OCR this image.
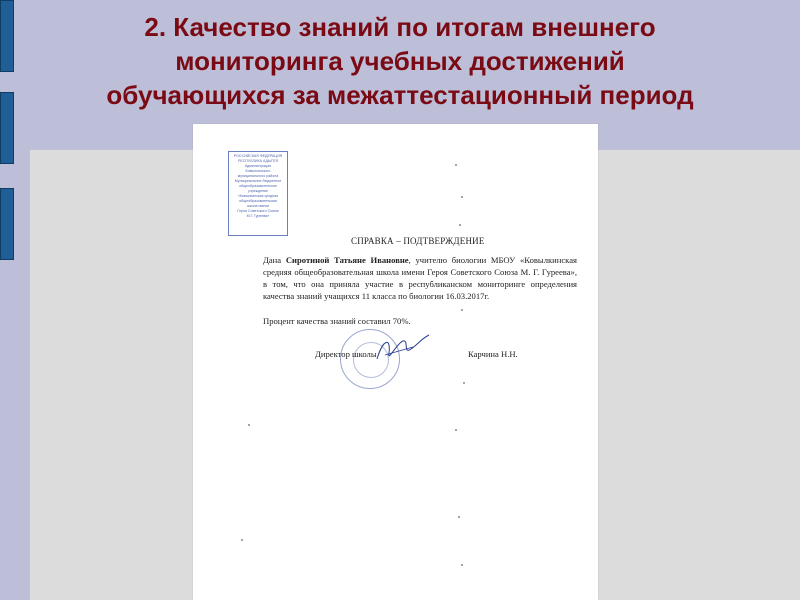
2. Качество знаний по итогам внешнего
мониторинга учебных достижений
обучающихся за межаттестационный период
РОССИЙСКАЯ ФЕДЕРАЦИЯ
РЕСПУБЛИКА АДЫГЕЯ
Администрация
Ковылкинского
муниципального района
Муниципальное бюджетное
общеобразовательное
учреждение
«Ковылкинская средняя
общеобразовательная
школа имени
Героя Советского Союза
М.Г. Гуреева»
СПРАВКА – ПОДТВЕРЖДЕНИЕ
Дана Сиротиной Татьяне Ивановне, учителю биологии МБОУ «Ковылкинская средняя общеобразовательная школа имени Героя Советского Союза М. Г. Гуреева», в том, что она приняла участие в республиканском мониторинге определения качества знаний учащихся 11 класса по биологии 16.03.2017г.
Процент качества знаний составил 70%.
Директор школы	Карчина Н.Н.
